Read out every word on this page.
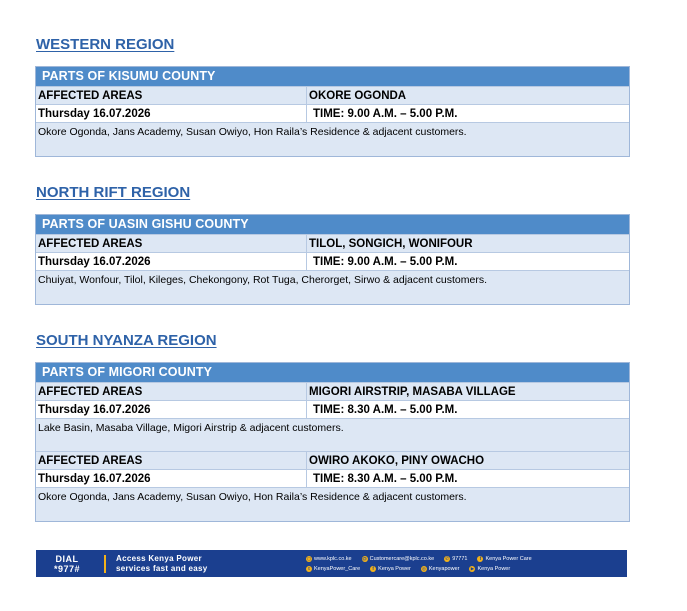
WESTERN REGION
PARTS OF KISUMU COUNTY
AFFECTED AREAS	OKORE OGONDA
Thursday 16.07.2026	TIME: 9.00 A.M. – 5.00 P.M.
Okore Ogonda, Jans Academy, Susan Owiyo, Hon Raila’s Residence & adjacent customers.
NORTH RIFT REGION
PARTS OF UASIN GISHU COUNTY
AFFECTED AREAS	TILOL, SONGICH, WONIFOUR
Thursday 16.07.2026	TIME: 9.00 A.M. – 5.00 P.M.
Chuiyat, Wonfour, Tilol, Kileges, Chekongony, Rot Tuga, Cherorget, Sirwo & adjacent customers.
SOUTH NYANZA REGION
PARTS OF MIGORI COUNTY
AFFECTED AREAS	MIGORI AIRSTRIP, MASABA VILLAGE
Thursday 16.07.2026	TIME: 8.30 A.M. – 5.00 P.M.
Lake Basin, Masaba Village, Migori Airstrip & adjacent customers.
AFFECTED AREAS	OWIRO AKOKO, PINY OWACHO
Thursday 16.07.2026	TIME: 8.30 A.M. – 5.00 P.M.
Okore Ogonda, Jans Academy, Susan Owiyo, Hon Raila’s Residence & adjacent customers.
DIAL
*977#
Access Kenya Power
services fast and easy
◻ www.kplc.co.ke @ Customercare@kplc.co.ke ✆ 97771	f Kenya Power Care
t KenyaPower_Care	f Kenya Power ◎ Kenyapower	▶ Kenya Power
